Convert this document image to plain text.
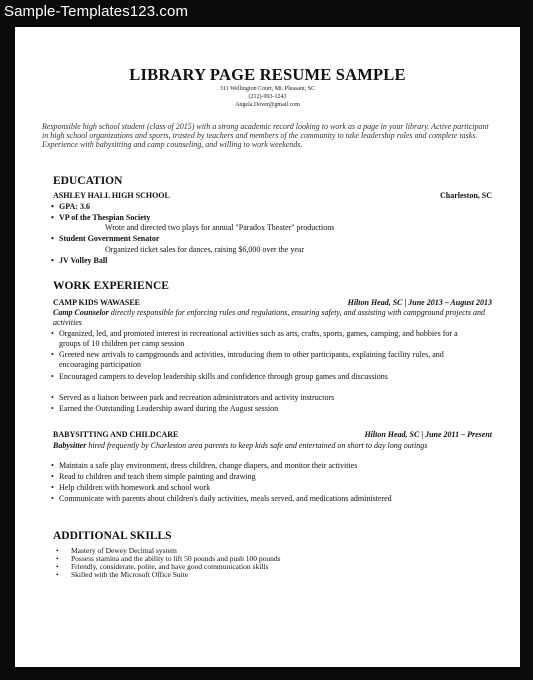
Sample-Templates123.com
LIBRARY PAGE RESUME SAMPLE
311 Wellington Court, Mt. Pleasant, SC
(212)-993-1243
Angela.Dover@gmail.com
Responsible high school student (class of 2015) with a strong academic record looking to work as a page in your library. Active participant in high school organizations and sports, trusted by teachers and members of the community to take leadership roles and complete tasks. Experience with babysitting and camp counseling, and willing to work weekends.
EDUCATION
ASHLEY HALL HIGH SCHOOL	Charleston, SC
• GPA: 3.6
• VP of the Thespian Society
Wrote and directed two plays for annual "Paradox Theater" productions
• Student Government Senator
Organized ticket sales for dances, raising $6,000 over the year
• JV Volley Ball
WORK EXPERIENCE
CAMP KIDS WAWASEE	Hilton Head, SC | June 2013 – August 2013
Camp Counselor directly responsible for enforcing rules and regulations, ensuring safety, and assisting with campground projects and activities
• Organized, led, and promoted interest in recreational activities such as arts, crafts, sports, games, camping, and hobbies for a groups of 10 children per camp session
• Greeted new arrivals to campgrounds and activities, introducing them to other participants, explaining facility rules, and encouraging participation
• Encouraged campers to develop leadership skills and confidence through group games and discussions
• Served as a liaison between park and recreation administrators and activity instructors
• Earned the Outstanding Leadership award during the August session
BABYSITTING AND CHILDCARE	Hilton Head, SC | June 2011 – Present
Babysitter hired frequently by Charleston area parents to keep kids safe and entertained on short to day long outings
• Maintain a safe play environment, dress children, change diapers, and monitor their activities
• Read to children and teach them simple painting and drawing
• Help children with homework and school work
• Communicate with parents about children's daily activities, meals served, and medications administered
ADDITIONAL SKILLS
• Mastery of Dewey Decimal system
• Possess stamina and the ability to lift 50 pounds and push 100 pounds
• Friendly, considerate, polite, and have good communication skills
• Skilled with the Microsoft Office Suite
